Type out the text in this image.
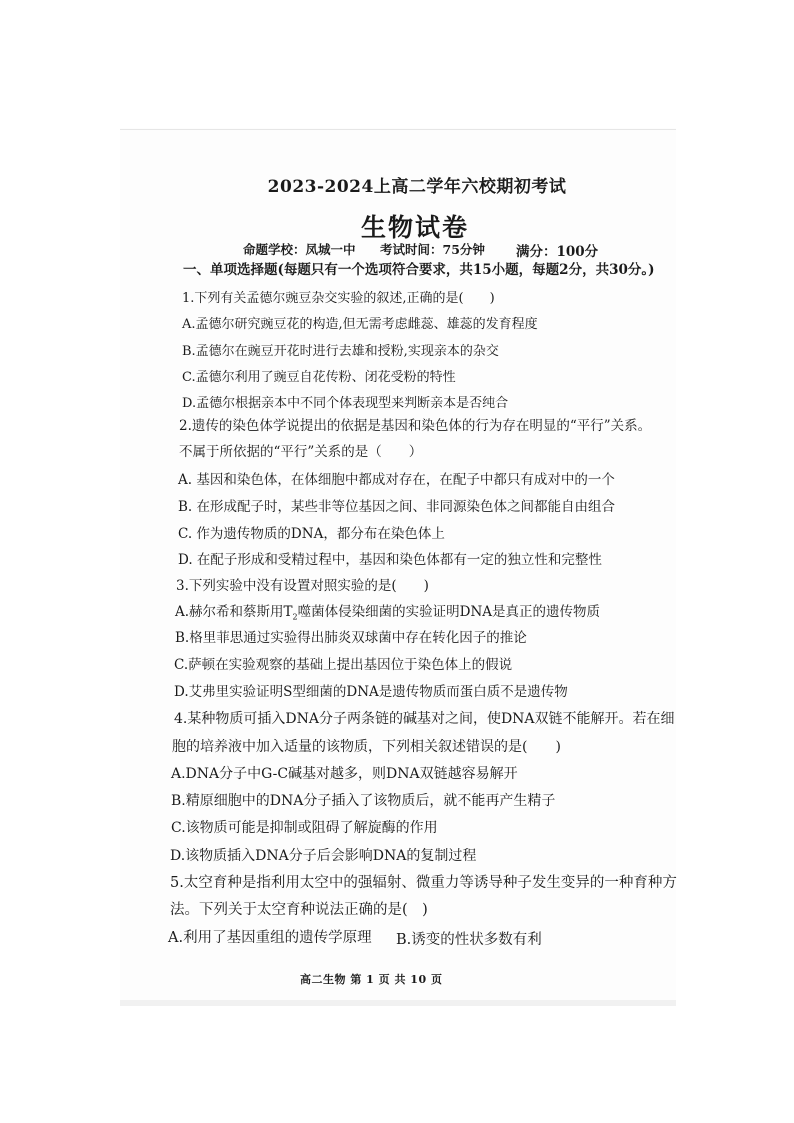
2023-2024上高二学年六校期初考试
生物试卷
命题学校：凤城一中 考试时间：75分钟 满分：100分
一、单项选择题(每题只有一个选项符合要求，共15小题，每题2分，共30分。)
1.下列有关孟德尔豌豆杂交实验的叙述,正确的是(　　)
A.孟德尔研究豌豆花的构造,但无需考虑雌蕊、雄蕊的发育程度
B.孟德尔在豌豆开花时进行去雄和授粉,实现亲本的杂交
C.孟德尔利用了豌豆自花传粉、闭花受粉的特性
D.孟德尔根据亲本中不同个体表现型来判断亲本是否纯合
2.遗传的染色体学说提出的依据是基因和染色体的行为存在明显的“平行”关系。
不属于所依据的“平行”关系的是（　　）
A. 基因和染色体，在体细胞中都成对存在，在配子中都只有成对中的一个
B. 在形成配子时，某些非等位基因之间、非同源染色体之间都能自由组合
C. 作为遗传物质的DNA，都分布在染色体上
D. 在配子形成和受精过程中，基因和染色体都有一定的独立性和完整性
3.下列实验中没有设置对照实验的是(　　)
A.赫尔希和蔡斯用$T_2$噬菌体侵染细菌的实验证明DNA是真正的遗传物质
B.格里菲思通过实验得出肺炎双球菌中存在转化因子的推论
C.萨顿在实验观察的基础上提出基因位于染色体上的假说
D.艾弗里实验证明S型细菌的DNA是遗传物质而蛋白质不是遗传物
4.某种物质可插入DNA分子两条链的碱基对之间，使DNA双链不能解开。若在细
胞的培养液中加入适量的该物质，下列相关叙述错误的是(　　)
A.DNA分子中G-C碱基对越多，则DNA双链越容易解开
B.精原细胞中的DNA分子插入了该物质后，就不能再产生精子
C.该物质可能是抑制或阻碍了解旋酶的作用
D.该物质插入DNA分子后会影响DNA的复制过程
5.太空育种是指利用太空中的强辐射、微重力等诱导种子发生变异的一种育种方
法。下列关于太空育种说法正确的是(　)
A.利用了基因重组的遗传学原理 B.诱变的性状多数有利
高二生物 第 1 页 共 10 页
